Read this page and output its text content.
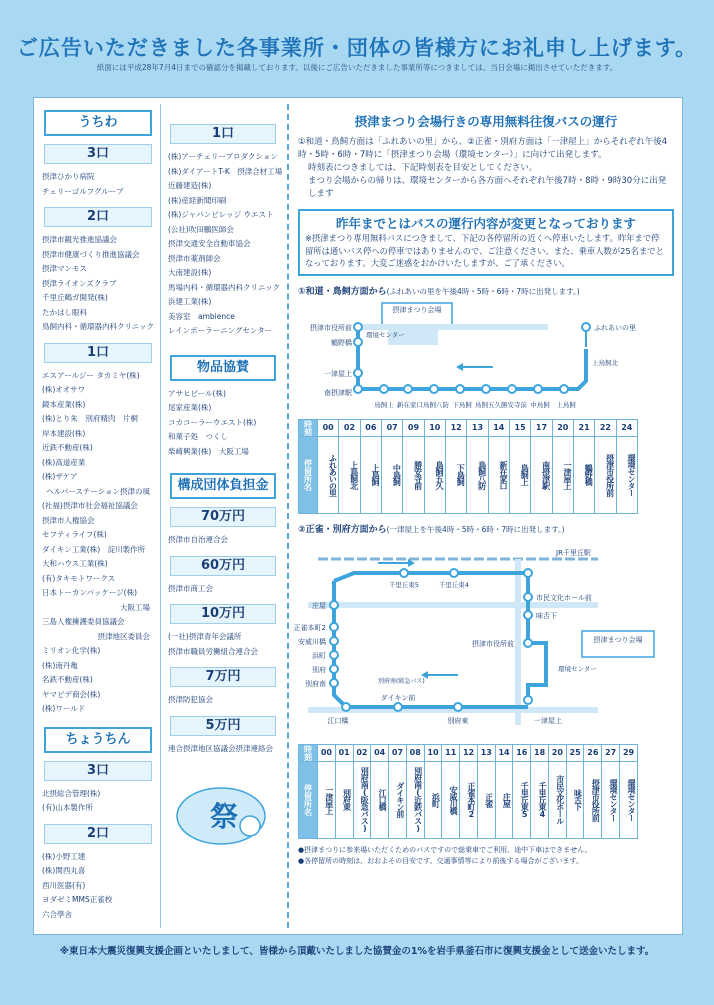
ご広告いただきました各事業所・団体の皆様方にお礼申し上げます。
紙面には平成28年7月4日までの確認分を掲載しております。以後にご広告いただきました事業所等につきましては、当日会場に掲出させていただきます。
うちわ
3口
摂津ひかり病院
チェリーゴルフグループ
2口
摂津市観光推進協議会
摂津市健康づくり推進協議会
摂津マンモス
摂津ライオンズクラブ
千里丘鶴ガ開発(株)
たかはし眼科
鳥飼内科・循環器内科クリニック
1口
エスアールジー タカミヤ(株)
(株)オオサワ
鏡本産業(株)
(株)とり朱　別府精肉　片桐
岸本建設(株)
近鉄不動産(株)
(株)高道産業
(株)ザケア
ヘルパーステーション摂津の風
(社福)摂津市社会福祉協議会
摂津市人権協会
セフティライフ(株)
ダイキン工業(株)　淀川製作所
大和ハウス工業(株)
(有)タキモトワークス
日本トーカンパッケージ(株)
大阪工場
三島人権擁護委員協議会
摂津地区委員会
ミリオン化学(株)
(株)南丹亀
名鉄不動産(株)
ヤマビデ商会(株)
(株)ワールド
ちょうちん
3口
北摂総合管理(株)
(有)山本製作所
2口
(株)小野工建
(株)関西丸喜
西川医器(有)
ヨダゼミMMS正雀校
六合學舎
1口
(株)アーチェリープロダクション
(株)ダイアートT-K　摂津合材工場
近藤建造(株)
(株)産経新聞印刷
(株)ジャパンビレッジ ウエスト
(公社)吹田鵬医師会
摂津交通安全自動車協会
摂津市薬剤師会
大南建設(株)
馬場内科・循環器内科クリニック
浜建工業(株)
美容室　ambience
レインボーラーニングセンター
物品協賛
アサヒビール(株)
尾家産業(株)
コカコーラーウエスト(株)
和菓子処　つくし
柴崎興業(株)　大阪工場
構成団体負担金
70万円
摂津市自治連合会
60万円
摂津市商工会
10万円
(一社)摂津青年会議所
摂津市職員労働組合連合会
7万円
摂津防犯協会
5万円
連合摂津地区協議会摂津連絡会
祭
摂津まつり会場行きの専用無料往復バスの運行

①和道・鳥飼方面は「ふれあいの里」から、②正雀・別府方面は「一津屋上」からそれぞれ午後4時・5時・6時・7時に「摂津まつり会場（環境センター）」に向けて出発します。

時刻表につきましては、下記時刻表を目安としてください。

まつり会場からの帰りは、環境センターから各方面へそれぞれ午後7時・8時・9時30分に出発します

昨年までとはバスの運行内容が変更となっております
※摂津まつり専用無料バスにつきまして、下記の各停留所の近くへ停車いたします。昨年まで停留所は通いバス停への停車ではありませんので、ご注意ください。また、乗車人数が25名までとなっております。大変ご迷惑をおかけいたしますが、ご了承ください。
①和道・鳥飼方面から(ふれあいの里を午後4時・5時・6時・7時に出発します。)
摂津まつり会場
摂津市役所前
鶴野橋
一津屋上
南摂津駅
環境センター
ふれあいの里
上鳥飼北
鳥飼上 新在家口 鳥飼八防 下鳥飼 鳥飼五久 勝安寺前 中鳥飼 上鳥飼
時刻	00	02	06	07	09	10	12	13	14	15	17	20	21	22	24
停留所名	ふれあいの里	上鳥飼北	上鳥飼	中鳥飼	勝安寺前	鳥飼五久	下鳥飼	鳥飼八防	新在家口	鳥飼上	南摂津駅	一津屋上	鶴野橋	摂津市役所前	環境センター
②正雀・別府方面から(一津屋上を午後4時・5時・6時・7時に出発します。)
JR千里丘駅
市民文化ホール前
味舌下
摂津市役所前	摂津まつり会場
環境センター
庄屋
正雀本町2
安威川橋
浜町
別府
別府南
江口橋
ダイキン前
別府東	一津屋上
千里丘東5	千里丘東4
別府南(阪急バス)
時刻	00	01	02	04	07	08	10	11	12	13	14	16	18	20	25	26	27	29
停留所名	一津屋上	別府東	別府南(阪急バス)	江口橋	ダイキン前	別府南(近鉄バス)	浜町	安威川橋	正雀本町2	正雀	庄屋	千里丘東5	千里丘東4	市民文化ホール	味舌下	摂津市役所前	環境センター	環境センター
●摂津まつりに参来場いただくためのバスですので総乗車でご利用、途中下車はできません。
●各停留所の時刻は、おおよその目安です。交通事情等により前後する場合がございます。
※東日本大震災復興支援企画といたしまして、皆様から頂戴いたしました協賛金の1%を岩手県釜石市に復興支援金として送金いたします。
